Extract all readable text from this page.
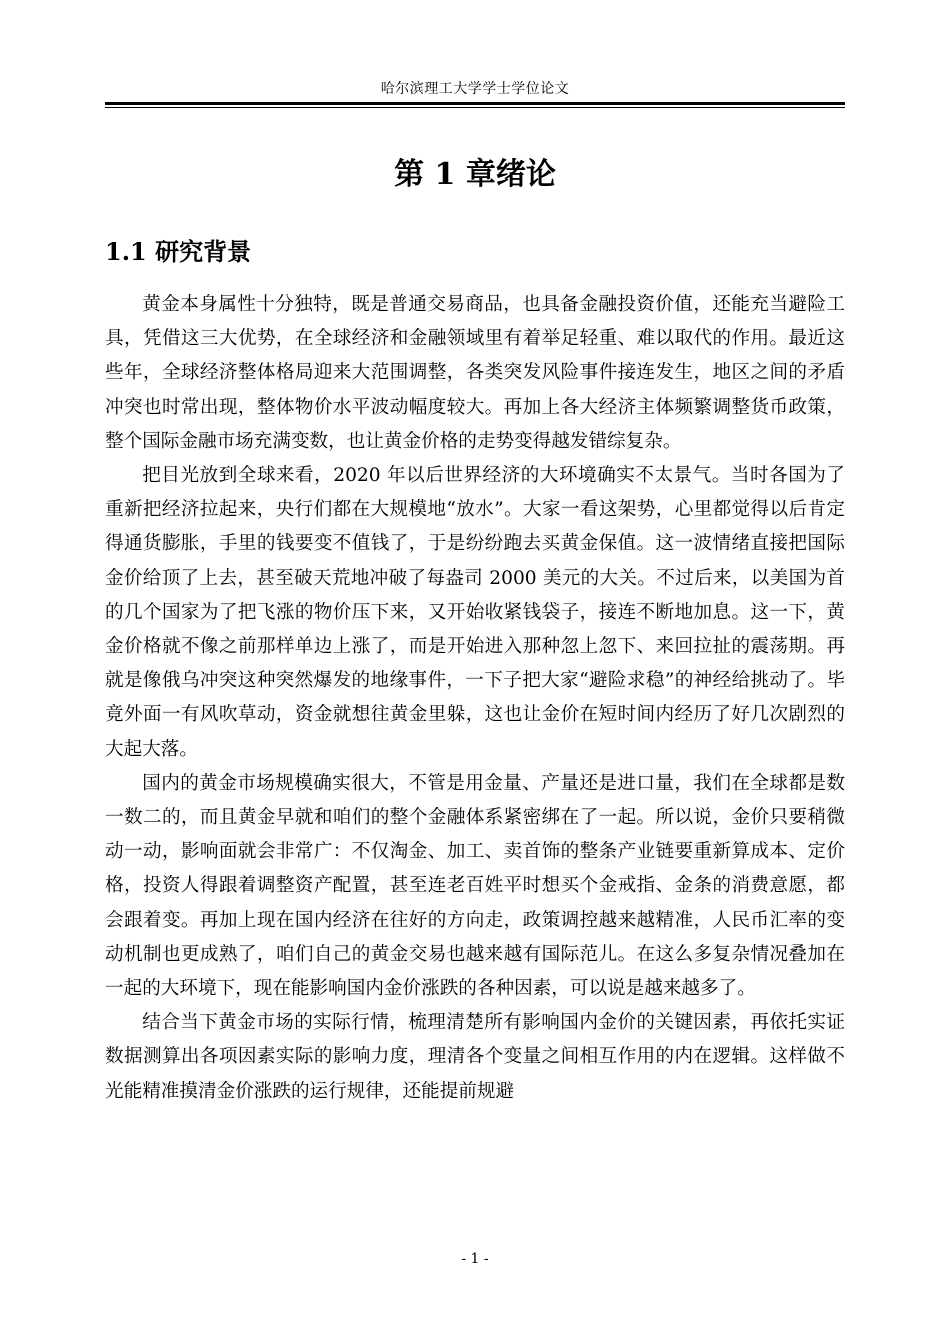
哈尔滨理工大学学士学位论文
第 1 章绪论
1.1 研究背景

黄金本身属性十分独特，既是普通交易商品，也具备金融投资价值，还能充当避险工具，凭借这三大优势，在全球经济和金融领域里有着举足轻重、难以取代的作用。最近这些年，全球经济整体格局迎来大范围调整，各类突发风险事件接连发生，地区之间的矛盾冲突也时常出现，整体物价水平波动幅度较大。再加上各大经济主体频繁调整货币政策，整个国际金融市场充满变数，也让黄金价格的走势变得越发错综复杂。

把目光放到全球来看，2020 年以后世界经济的大环境确实不太景气。当时各国为了重新把经济拉起来，央行们都在大规模地“放水”。大家一看这架势，心里都觉得以后肯定得通货膨胀，手里的钱要变不值钱了，于是纷纷跑去买黄金保值。这一波情绪直接把国际金价给顶了上去，甚至破天荒地冲破了每盎司 2000 美元的大关。不过后来，以美国为首的几个国家为了把飞涨的物价压下来，又开始收紧钱袋子，接连不断地加息。这一下，黄金价格就不像之前那样单边上涨了，而是开始进入那种忽上忽下、来回拉扯的震荡期。再就是像俄乌冲突这种突然爆发的地缘事件，一下子把大家“避险求稳”的神经给挑动了。毕竟外面一有风吹草动，资金就想往黄金里躲，这也让金价在短时间内经历了好几次剧烈的大起大落。

国内的黄金市场规模确实很大，不管是用金量、产量还是进口量，我们在全球都是数一数二的，而且黄金早就和咱们的整个金融体系紧密绑在了一起。所以说，金价只要稍微动一动，影响面就会非常广：不仅淘金、加工、卖首饰的整条产业链要重新算成本、定价格，投资人得跟着调整资产配置，甚至连老百姓平时想买个金戒指、金条的消费意愿，都会跟着变。再加上现在国内经济在往好的方向走，政策调控越来越精准，人民币汇率的变动机制也更成熟了，咱们自己的黄金交易也越来越有国际范儿。在这么多复杂情况叠加在一起的大环境下，现在能影响国内金价涨跌的各种因素，可以说是越来越多了。

结合当下黄金市场的实际行情，梳理清楚所有影响国内金价的关键因素，再依托实证数据测算出各项因素实际的影响力度，理清各个变量之间相互作用的内在逻辑。这样做不光能精准摸清金价涨跌的运行规律，还能提前规避

- 1 -
